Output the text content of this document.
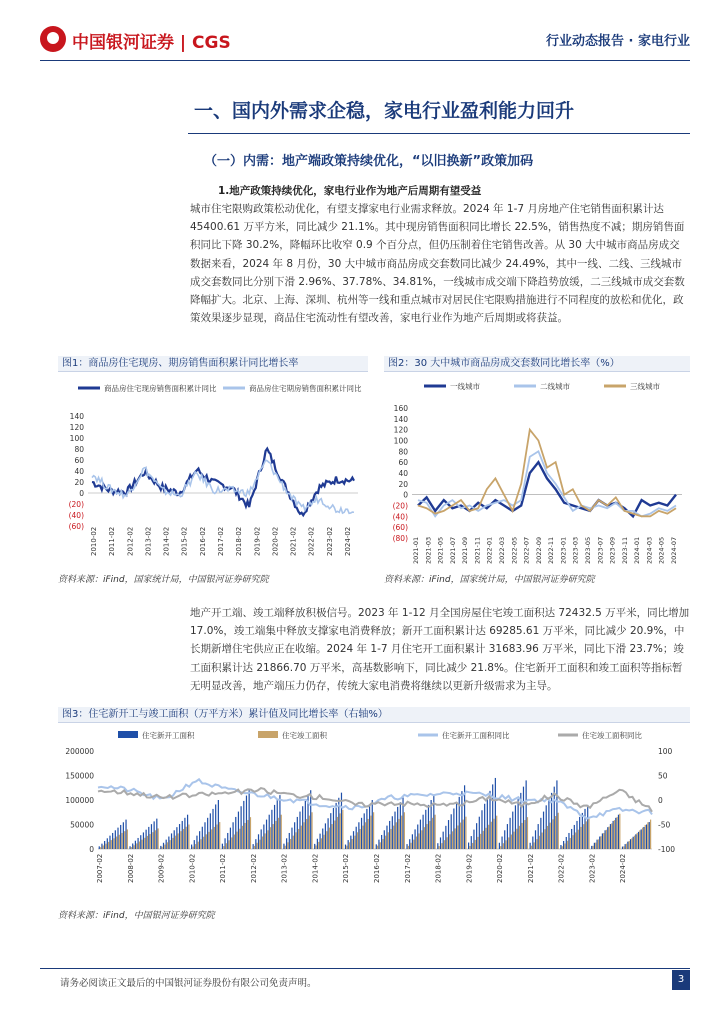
中国银河证券 | CGS	行业动态报告 · 家电行业
一、国内外需求企稳，家电行业盈利能力回升
（一）内需：地产端政策持续优化，“以旧换新”政策加码
1.地产政策持续优化，家电行业作为地产后周期有望受益
城市住宅限购政策松动优化，有望支撑家电行业需求释放。2024 年 1-7 月房地产住宅销售面积累计达 45400.61 万平方米，同比减少 21.1%。其中现房销售面积同比增长 22.5%，销售热度不减；期房销售面积同比下降 30.2%，降幅环比收窄 0.9 个百分点，但仍压制着住宅销售改善。从 30 大中城市商品房成交数据来看，2024 年 8 月份，30 大中城市商品房成交套数同比减少 24.49%，其中一线、二线、三线城市成交套数同比分别下滑 2.96%、37.78%、34.81%，一线城市成交端下降趋势放缓，二三线城市成交套数降幅扩大。北京、上海、深圳、杭州等一线和重点城市对居民住宅限购措施进行不同程度的放松和优化，政策效果逐步显现，商品住宅流动性有望改善，家电行业作为地产后周期或将获益。
图1：商品房住宅现房、期房销售面积累计同比增长率
商品房住宅现房销售面积累计同比	商品房住宅期房销售面积累计同比
140
120
100
80
60
40
20
0
(20)
(40)
(60)
2010-02 2011-02 2012-02 2013-02 2014-02 2015-02 2016-02 2017-02 2018-02 2019-02 2020-02 2021-02 2022-02 2023-02 2024-02
资料来源：iFind，国家统计局，中国银河证券研究院
图2：30 大中城市商品房成交套数同比增长率（%）
一线城市	二线城市	三线城市
160
140
120
100
80
60
40
20
0
(20)
(40)
(60)
(80) 2021-01 2021-03 2021-05 2021-07 2021-09 2021-11 2022-01 2022-03 2022-05 2022-07 2022-09 2022-11 2023-01 2023-03 2023-05 2023-07 2023-09 2023-11 2024-01 2024-03 2024-05 2024-07
资料来源：iFind，国家统计局，中国银河证券研究院
地产开工端、竣工端释放积极信号。2023 年 1-12 月全国房屋住宅竣工面积达 72432.5 万平米，同比增加 17.0%，竣工端集中释放支撑家电消费释放；新开工面积累计达 69285.61 万平米，同比减少 20.9%，中长期新增住宅供应正在收缩。2024 年 1-7 月住宅开工面积累计 31683.96 万平米，同比下滑 23.7%；竣工面积累计达 21866.70 万平米，高基数影响下，同比减少 21.8%。住宅新开工面积和竣工面积等指标暂无明显改善，地产端压力仍存，传统大家电消费将继续以更新升级需求为主导。
图3：住宅新开工与竣工面积（万平方米）累计值及同比增长率（右轴%）
住宅新开工面积	住宅竣工面积	住宅新开工面积同比	住宅竣工面积同比
200000
150000
100000
50000
0
100
50
0
-50
-100
2007-02	2008-02	2009-02	2010-02	2011-02	2012-02	2013-02	2014-02	2015-02	2016-02	2017-02	2018-02	2019-02	2020-02	2021-02	2022-02	2023-02	2024-02
资料来源：iFind，中国银河证券研究院
请务必阅读正文最后的中国银河证券股份有限公司免责声明。	3
